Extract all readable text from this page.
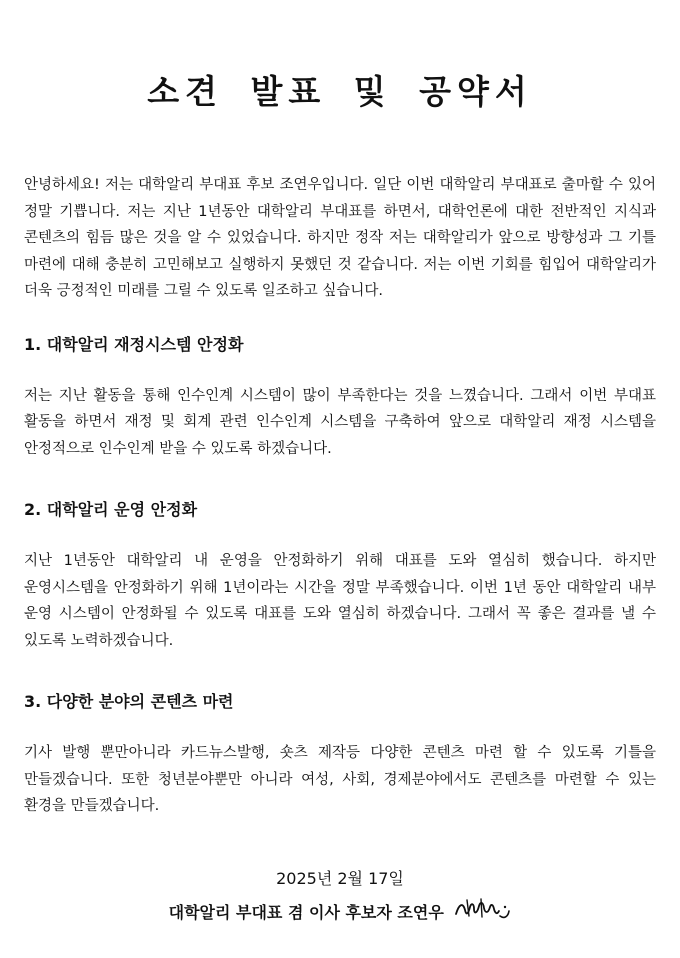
소견 발표 및 공약서

안녕하세요! 저는 대학알리 부대표 후보 조연우입니다. 일단 이번 대학알리 부대표로 출마할 수 있어 정말 기쁩니다. 저는 지난 1년동안 대학알리 부대표를 하면서, 대학언론에 대한 전반적인 지식과 콘텐츠의 힘듬 많은 것을 알 수 있었습니다. 하지만 정작 저는 대학알리가 앞으로 방향성과 그 기틀 마련에 대해 충분히 고민해보고 실행하지 못했던 것 같습니다. 저는 이번 기회를 힘입어 대학알리가 더욱 긍정적인 미래를 그릴 수 있도록 일조하고 싶습니다.

1. 대학알리 재정시스템 안정화

저는 지난 활동을 통해 인수인계 시스템이 많이 부족한다는 것을 느꼈습니다. 그래서 이번 부대표 활동을 하면서 재정 및 회계 관련 인수인계 시스템을 구축하여 앞으로 대학알리 재정 시스템을 안정적으로 인수인계 받을 수 있도록 하겠습니다.

2. 대학알리 운영 안정화

지난 1년동안 대학알리 내 운영을 안정화하기 위해 대표를 도와 열심히 했습니다. 하지만 운영시스템을 안정화하기 위해 1년이라는 시간을 정말 부족했습니다. 이번 1년 동안 대학알리 내부 운영 시스템이 안정화될 수 있도록 대표를 도와 열심히 하겠습니다. 그래서 꼭 좋은 결과를 낼 수 있도록 노력하겠습니다.

3. 다양한 분야의 콘텐츠 마련

기사 발행 뿐만아니라 카드뉴스발행, 숏츠 제작등 다양한 콘텐츠 마련 할 수 있도록 기틀을 만들겠습니다. 또한 청년분야뿐만 아니라 여성, 사회, 경제분야에서도 콘텐츠를 마련할 수 있는 환경을 만들겠습니다.

2025년 2월 17일
대학알리 부대표 겸 이사 후보자 조연우
